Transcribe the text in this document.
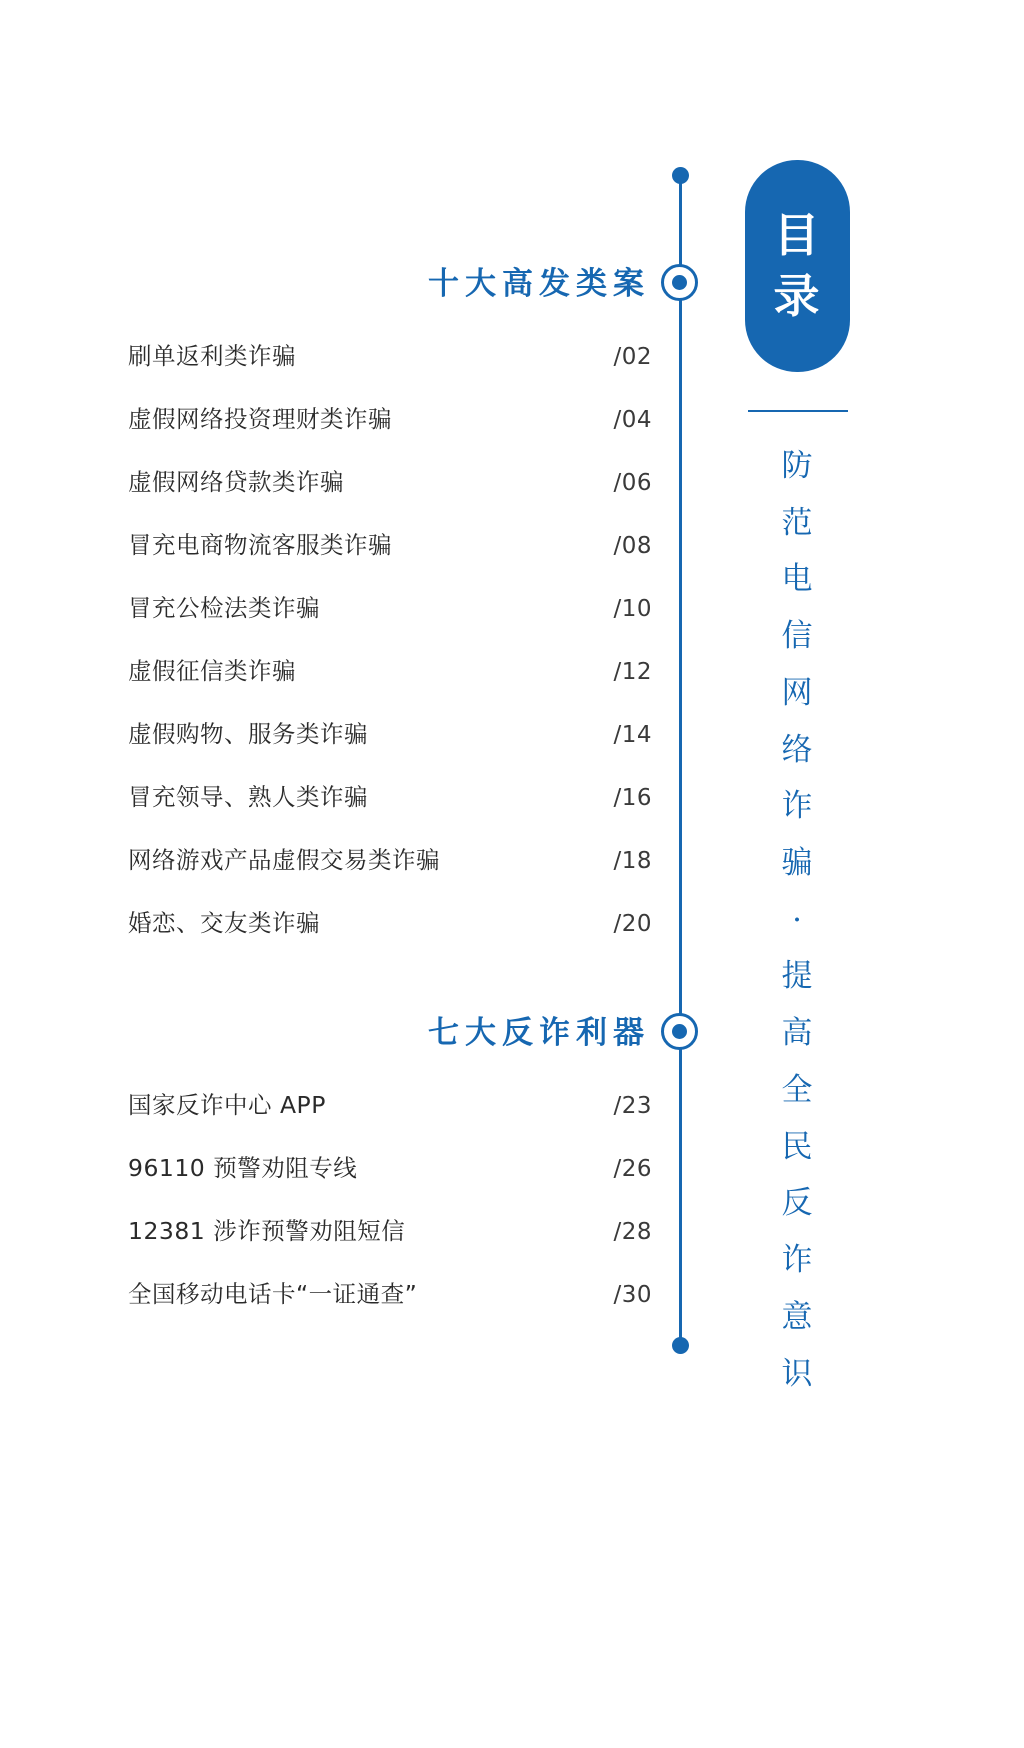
十大高发类案
刷单返利类诈骗	/02
虚假网络投资理财类诈骗	/04
虚假网络贷款类诈骗	/06
冒充电商物流客服类诈骗	/08
冒充公检法类诈骗	/10
虚假征信类诈骗	/12
虚假购物、服务类诈骗	/14
冒充领导、熟人类诈骗	/16
网络游戏产品虚假交易类诈骗	/18
婚恋、交友类诈骗	/20
七大反诈利器
国家反诈中心 APP	/23
96110 预警劝阻专线	/26
12381 涉诈预警劝阻短信	/28
全国移动电话卡“一证通查”	/30
目
录
防
范
电
信
网
络
诈
骗
·
提
高
全
民
反
诈
意
识
